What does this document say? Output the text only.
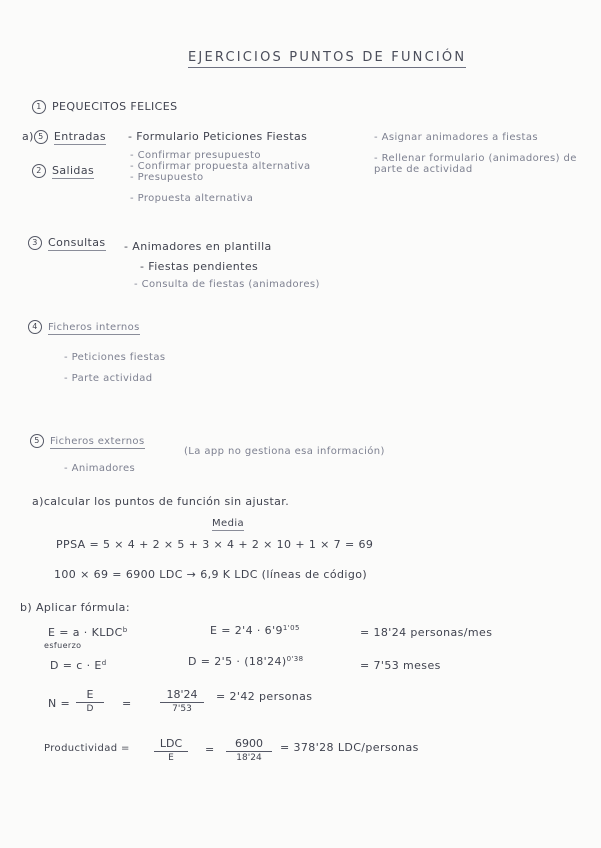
EJERCICIOS PUNTOS DE FUNCIÓN
1 PEQUECITOS FELICES
a) 5 Entradas - Formulario Peticiones Fiestas
- Confirmar presupuesto
- Confirmar propuesta alternativa
- Presupuesto
- Asignar animadores a fiestas
- Rellenar formulario (animadores) de parte de actividad
2 Salidas
- Propuesta alternativa
3 Consultas - Animadores en plantilla
- Fiestas pendientes
- Consulta de fiestas (animadores)
4 Ficheros internos
- Peticiones fiestas
- Parte actividad
5 Ficheros externos
(La app no gestiona esa información)
- Animadores
a)calcular los puntos de función sin ajustar.
Media
PPSA = 5 × 4 + 2 × 5 + 3 × 4 + 2 × 10 + 1 × 7 = 69
100 × 69 = 6900 LDC → 6,9 K LDC (líneas de código)
b) Aplicar fórmula:
$E = a \cdot KLDC^b$
esfuerzo
$E = 2'4 \cdot 6'9^{1'05}$	= 18'24 personas/mes
$D = c \cdot E^d$	$D = 2'5 \cdot (18'24)^{0'38}$	= 7'53 meses
N =
E
D	=
18'24
7'53
= 2'42 personas
Productividad =	LDC
E
=	6900
18'24
= 378'28 LDC/personas
